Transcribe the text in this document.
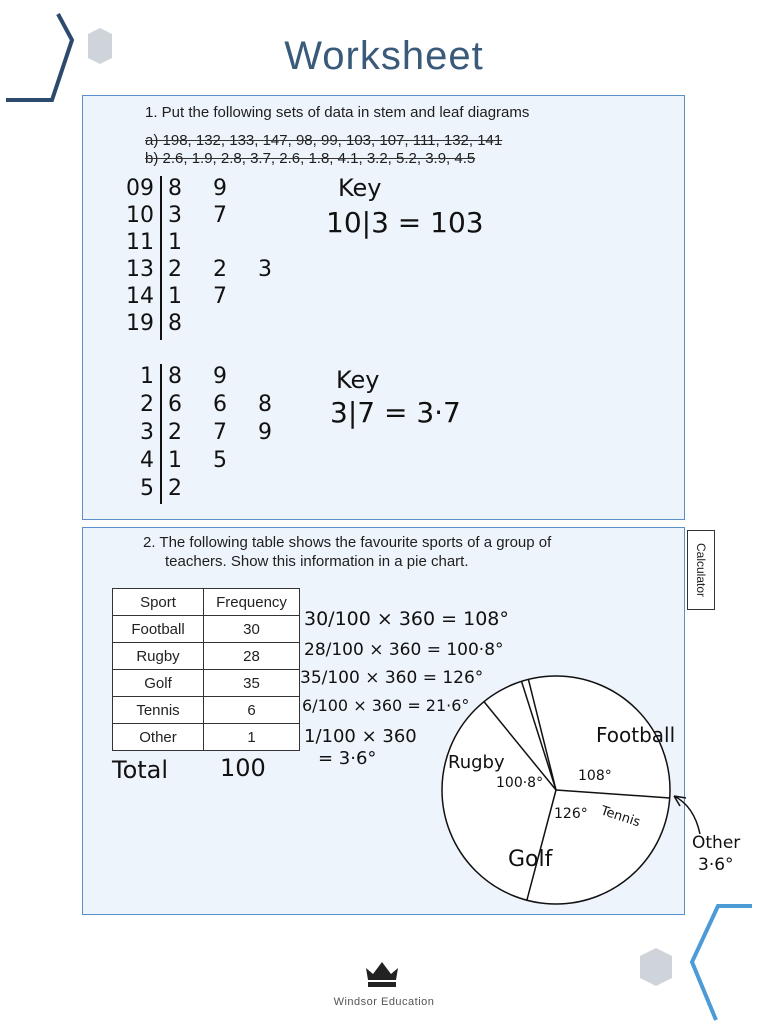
Worksheet
1. Put the following sets of data in stem and leaf diagrams
a) 198, 132, 133, 147, 98, 99, 103, 107, 111, 132, 141
b) 2.6, 1.9, 2.8, 3.7, 2.6, 1.8, 4.1, 3.2, 5.2, 3.9, 4.5
09 8 9
10 3 7
11 1
13 2 2 3
14 1 7
19 8
Key
10|3 = 103
1 8 9
2 6 6 8
3 2 7 9
4 1 5
5 2
Key
3|7 = 3·7
Calculator
2. The following table shows the favourite sports of a group of
teachers. Show this information in a pie chart.
Sport	Frequency
Football	30
Rugby	28
Golf	35
Tennis	6
Other	1
Total 100
30/100 × 360 = 108°
28/100 × 360 = 100·8°
35/100 × 360 = 126°
6/100 × 360 = 21·6°
1/100 × 360
= 3·6°
Football
108°
Rugby
100·8°
Golf
126° Tennis
Other
3·6°
Windsor Education
